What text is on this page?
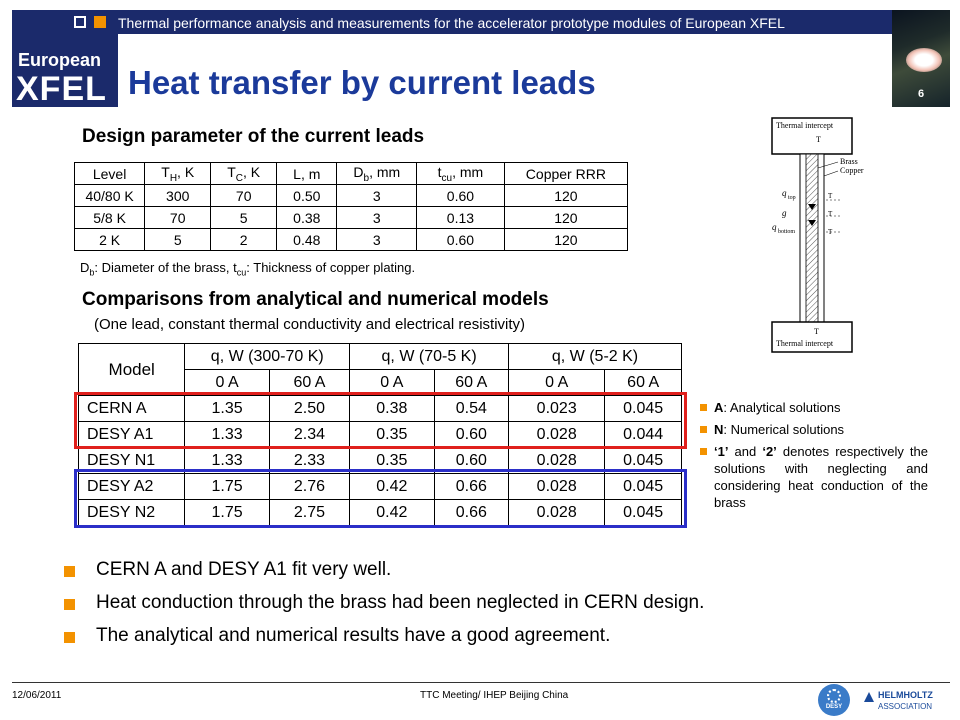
European
XFEL
Thermal performance analysis and measurements for the accelerator prototype modules of European XFEL
Heat transfer by current leads	6
Design parameter of the current leads
Level	$T_H$, K	$T_C$, K	L, m	$D_b$, mm	$t_{cu}$, mm	Copper RRR
40/80 K	300	70	0.50	3	0.60	120
5/8 K	70	5	0.38	3	0.13	120
2 K	5	2	0.48	3	0.60	120
$D_b$: Diameter of the brass, $t_{cu}$: Thickness of copper plating.
Comparisons from analytical and numerical models
(One lead, constant thermal conductivity and electrical resistivity)
Model	q, W (300-70 K)		q, W (70-5 K)		q, W (5-2 K)	
	0 A	60 A	0 A	60 A	0 A	60 A
CERN A	1.35	2.50	0.38	0.54	0.023	0.045
DESY A1	1.33	2.34	0.35	0.60	0.028	0.044
DESY N1	1.33	2.33	0.35	0.60	0.028	0.045
DESY A2	1.75	2.76	0.42	0.66	0.028	0.045
DESY N2	1.75	2.75	0.42	0.66	0.028	0.045
Thermal intercept
Thermal intercept
T
Brass
Copper
q top
g
q bottom
T
T
T
T
A: Analytical solutions
N: Numerical solutions
‘1’ and ‘2’ denotes respectively the solutions with neglecting and considering heat conduction of the brass
CERN A and DESY A1 fit very well.
Heat conduction through the brass had been neglected in CERN design.
The analytical and numerical results have a good agreement.
12/06/2011	TTC Meeting/ IHEP Beijing China
DESY
HELMHOLTZ
ASSOCIATION
